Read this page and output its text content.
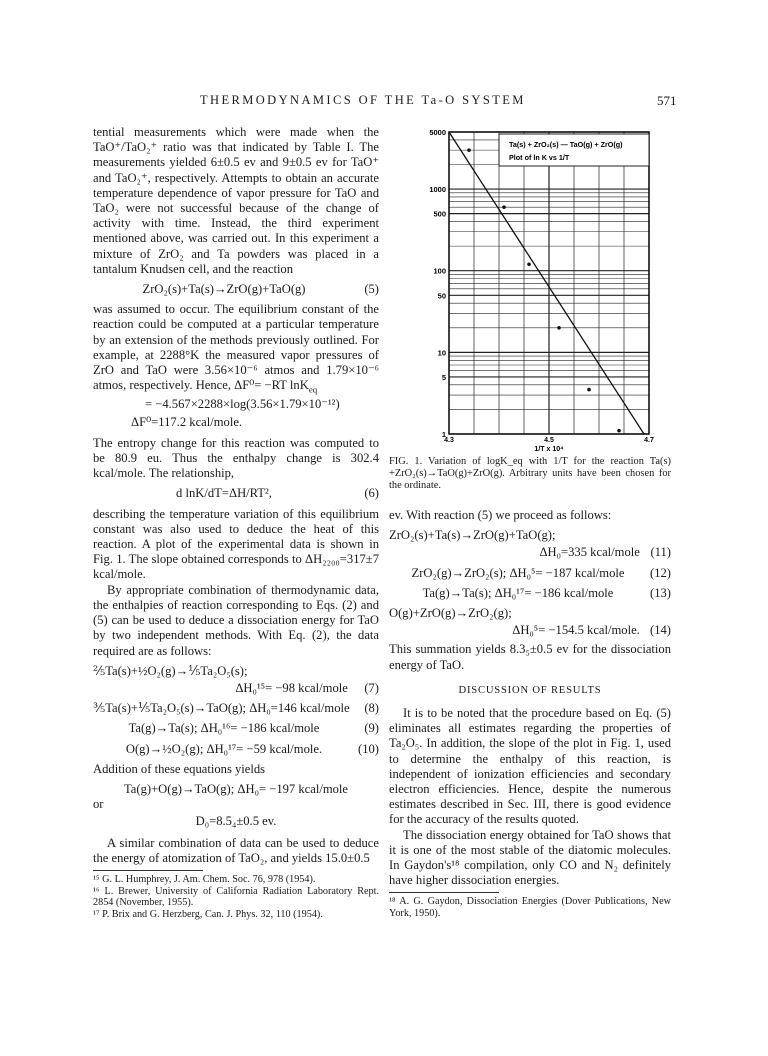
THERMODYNAMICS OF THE Ta-O SYSTEM	571

tential measurements which were made when the TaO⁺/TaO₂⁺ ratio was that indicated by Table I. The measurements yielded 6±0.5 ev and 9±0.5 ev for TaO⁺ and TaO₂⁺, respectively. Attempts to obtain an accurate temperature dependence of vapor pressure for TaO and TaO₂ were not successful because of the change of activity with time. Instead, the third experiment mentioned above, was carried out. In this experiment a mixture of ZrO₂ and Ta powders was placed in a tantalum Knudsen cell, and the reaction

ZrO₂(s)+Ta(s)→ZrO(g)+TaO(g)	(5)

was assumed to occur. The equilibrium constant of the reaction could be computed at a particular temperature by an extension of the methods previously outlined. For example, at 2288°K the measured vapor pressures of ZrO and TaO were 3.56×10⁻⁶ atmos and 1.79×10⁻⁶ atmos, respectively. Hence, ΔF⁰= −RT lnK$_{eq}$

= −4.567×2288×log(3.56×1.79×10⁻¹²)
ΔF⁰=117.2 kcal/mole.

The entropy change for this reaction was computed to be 80.9 eu. Thus the enthalpy change is 302.4 kcal/mole. The relationship,

d lnK/dT=ΔH/RT²,	(6)

describing the temperature variation of this equilibrium constant was also used to deduce the heat of this reaction. A plot of the experimental data is shown in Fig. 1. The slope obtained corresponds to ΔH₂₂₀₀=317±7 kcal/mole.

By appropriate combination of thermodynamic data, the enthalpies of reaction corresponding to Eqs. (2) and (5) can be used to deduce a dissociation energy for TaO by two independent methods. With Eq. (2), the data required are as follows:

⅖Ta(s)+½O₂(g)→⅕Ta₂O₅(s);
ΔH₀¹⁵= −98 kcal/mole (7)
⅗Ta(s)+⅕Ta₂O₅(s)→TaO(g); ΔH₀=146 kcal/mole	(8)
Ta(g)→Ta(s); ΔH₀¹⁶= −186 kcal/mole	(9)
O(g)→½O₂(g); ΔH₀¹⁷= −59 kcal/mole.	(10)

Addition of these equations yields

Ta(g)+O(g)→TaO(g); ΔH₀= −197 kcal/mole
or
D₀=8.5₄±0.5 ev.

A similar combination of data can be used to deduce the energy of atomization of TaO₂, and yields 15.0±0.5

¹⁵ G. L. Humphrey, J. Am. Chem. Soc. 76, 978 (1954).
¹⁶ L. Brewer, University of California Radiation Laboratory Rept. 2854 (November, 1955).
¹⁷ P. Brix and G. Herzberg, Can. J. Phys. 32, 110 (1954).
1
5
10
50
100
500
1000
5000
4.3	4.5	4.7
1/T x 10⁴
Ta(s) + ZrO₂(s) — TaO(g) + ZrO(g)
Plot of ln K vs 1/T
FIG. 1. Variation of logK_eq with 1/T for the reaction Ta(s) +ZrO₂(s)→TaO(g)+ZrO(g). Arbitrary units have been chosen for the ordinate.

ev. With reaction (5) we proceed as follows:

ZrO₂(s)+Ta(s)→ZrO(g)+TaO(g);
ΔH₀=335 kcal/mole (11)
ZrO₂(g)→ZrO₂(s); ΔH₀⁵= −187 kcal/mole	(12)
Ta(g)→Ta(s); ΔH₀¹⁷= −186 kcal/mole	(13)
O(g)+ZrO(g)→ZrO₂(g);
ΔH₀⁵= −154.5 kcal/mole. (14)

This summation yields 8.3₅±0.5 ev for the dissociation energy of TaO.

DISCUSSION OF RESULTS

It is to be noted that the procedure based on Eq. (5) eliminates all estimates regarding the properties of Ta₂O₅. In addition, the slope of the plot in Fig. 1, used to determine the enthalpy of this reaction, is independent of ionization efficiencies and secondary electron efficiencies. Hence, despite the numerous estimates described in Sec. III, there is good evidence for the accuracy of the results quoted.

The dissociation energy obtained for TaO shows that it is one of the most stable of the diatomic molecules. In Gaydon's¹⁸ compilation, only CO and N₂ definitely have higher dissociation energies.

¹⁸ A. G. Gaydon, Dissociation Energies (Dover Publications, New York, 1950).
